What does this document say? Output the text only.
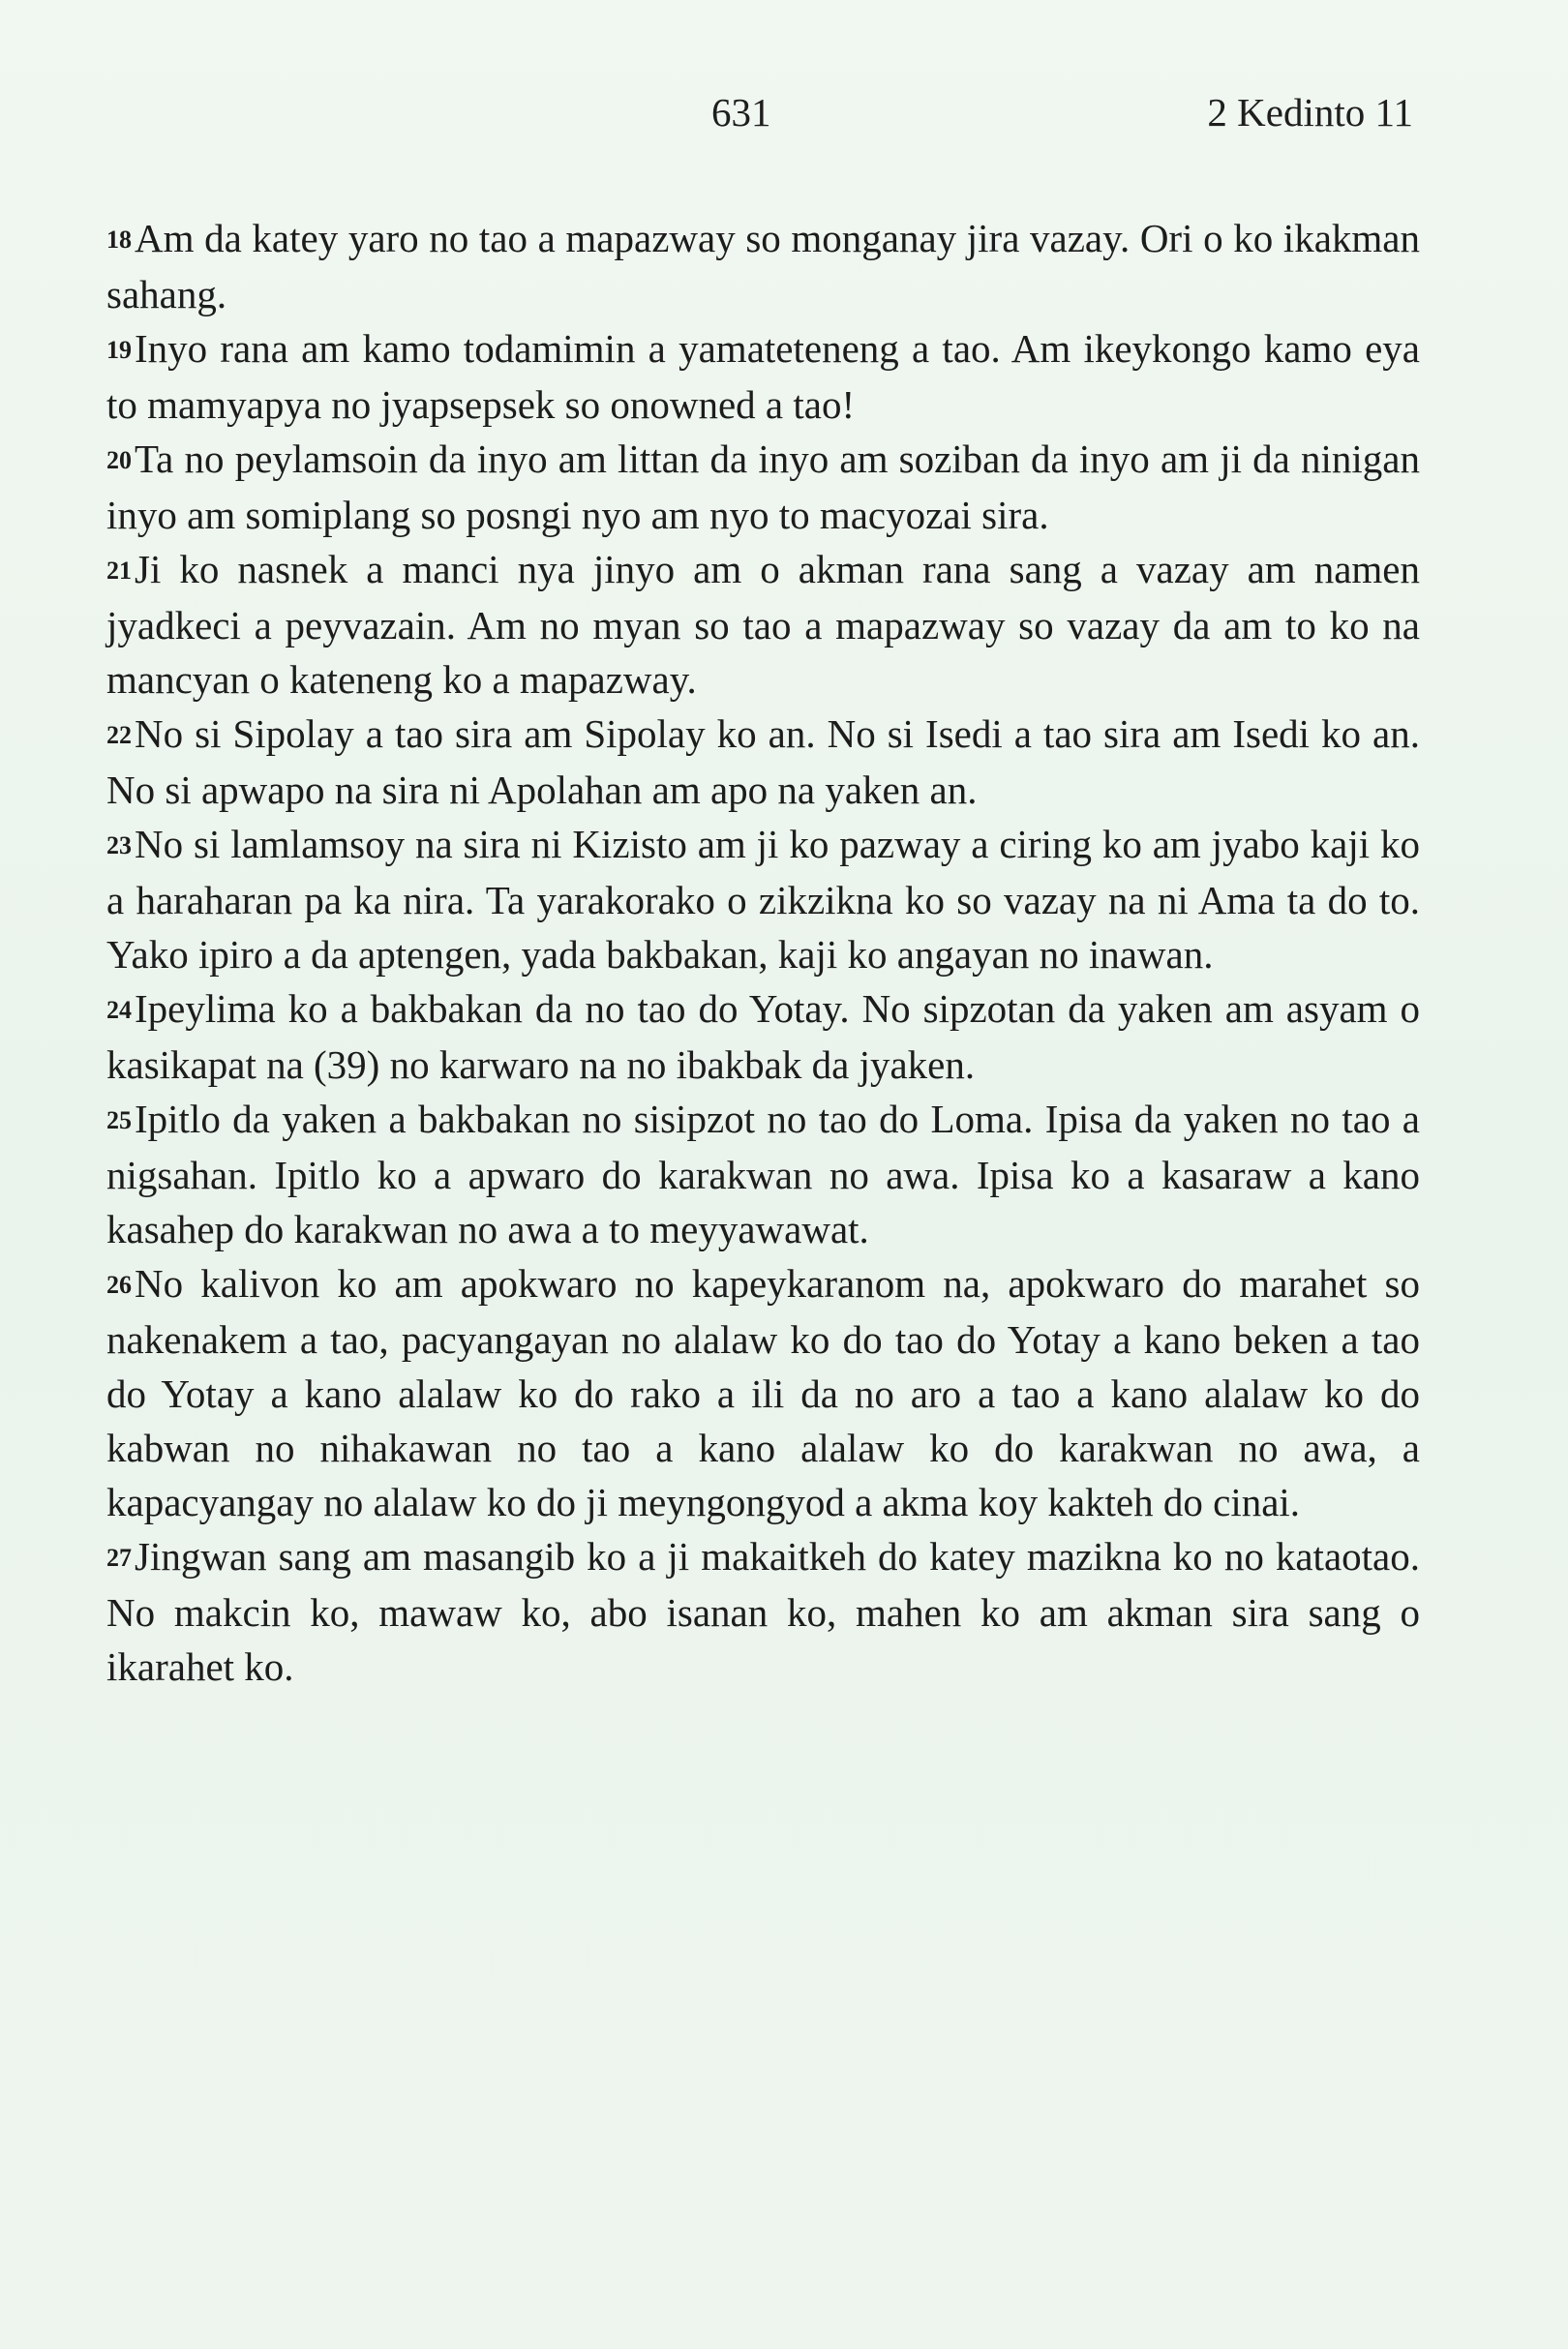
631	2 Kedinto 11

18Am da katey yaro no tao a mapazway so monganay jira vazay. Ori o ko ikakman sahang.

19Inyo rana am kamo todamimin a yamateteneng a tao. Am ikeykongo kamo eya to mamyapya no jyapsepsek so onowned a tao!

20Ta no peylamsoin da inyo am littan da inyo am soziban da inyo am ji da ninigan inyo am somiplang so posngi nyo am nyo to macyozai sira.

21Ji ko nasnek a manci nya jinyo am o akman rana sang a vazay am namen jyadkeci a peyvazain. Am no myan so tao a mapazway so vazay da am to ko na mancyan o kateneng ko a mapazway.

22No si Sipolay a tao sira am Sipolay ko an. No si Isedi a tao sira am Isedi ko an. No si apwapo na sira ni Apolahan am apo na yaken an.

23No si lamlamsoy na sira ni Kizisto am ji ko pazway a ciring ko am jyabo kaji ko a haraharan pa ka nira. Ta yarakorako o zikzikna ko so vazay na ni Ama ta do to. Yako ipiro a da aptengen, yada bakbakan, kaji ko angayan no inawan.

24Ipeylima ko a bakbakan da no tao do Yotay. No sipzotan da yaken am asyam o kasikapat na (39) no karwaro na no ibakbak da jyaken.

25Ipitlo da yaken a bakbakan no sisipzot no tao do Loma. Ipisa da yaken no tao a nigsahan. Ipitlo ko a apwaro do karakwan no awa. Ipisa ko a kasaraw a kano kasahep do karakwan no awa a to meyyawawat.

26No kalivon ko am apokwaro no kapeykaranom na, apokwaro do marahet so nakenakem a tao, pacyangayan no alalaw ko do tao do Yotay a kano beken a tao do Yotay a kano alalaw ko do rako a ili da no aro a tao a kano alalaw ko do kabwan no nihakawan no tao a kano alalaw ko do karakwan no awa, a kapacyangay no alalaw ko do ji meyngongyod a akma koy kakteh do cinai.

27Jingwan sang am masangib ko a ji makaitkeh do katey mazikna ko no kataotao. No makcin ko, mawaw ko, abo isanan ko, mahen ko am akman sira sang o ikarahet ko.
